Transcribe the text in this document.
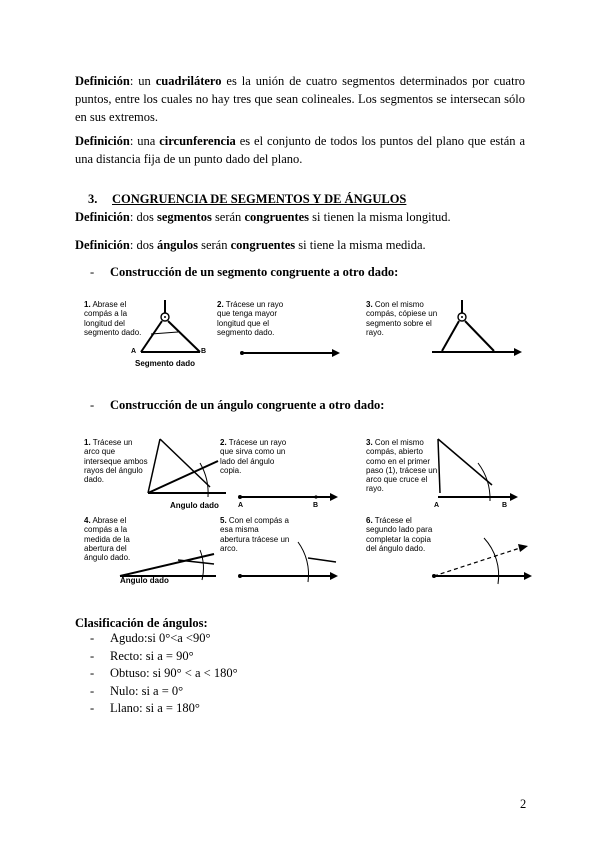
Definición: un cuadrilátero es la unión de cuatro segmentos determinados por cuatro puntos, entre los cuales no hay tres que sean colineales. Los segmentos se intersecan sólo en sus extremos.
Definición: una circunferencia es el conjunto de todos los puntos del plano que están a una distancia fija de un punto dado del plano.
3. CONGRUENCIA DE SEGMENTOS Y DE ÁNGULOS
Definición: dos segmentos serán congruentes si tienen la misma longitud.
Definición: dos ángulos serán congruentes si tiene la misma medida.
- Construcción de un segmento congruente a otro dado:
1. Abrase el compás a la longitud del segmento dado.
A	B
Segmento dado
2. Trácese un rayo que tenga mayor longitud que el segmento dado.
3. Con el mismo compás, cópiese un segmento sobre el rayo.
- Construcción de un ángulo congruente a otro dado:
1. Trácese un arco que interseque ambos rayos del ángulo dado.
Angulo dado
2. Trácese un rayo que sirva como un lado del ángulo copia.
A	B
3. Con el mismo compás, abierto como en el primer paso (1), trácese un arco que cruce el rayo.
A	B
4. Abrase el compás a la medida de la abertura del ángulo dado.
Angulo dado
5. Con el compás a esa misma abertura trácese un arco.
6. Trácese el segundo lado para completar la copia del ángulo dado.
Clasificación de ángulos:
- Agudo:si 0°<a <90°
- Recto: si a = 90°
- Obtuso: si 90° < a < 180°
- Nulo: si a = 0°
- Llano: si a = 180°
2
